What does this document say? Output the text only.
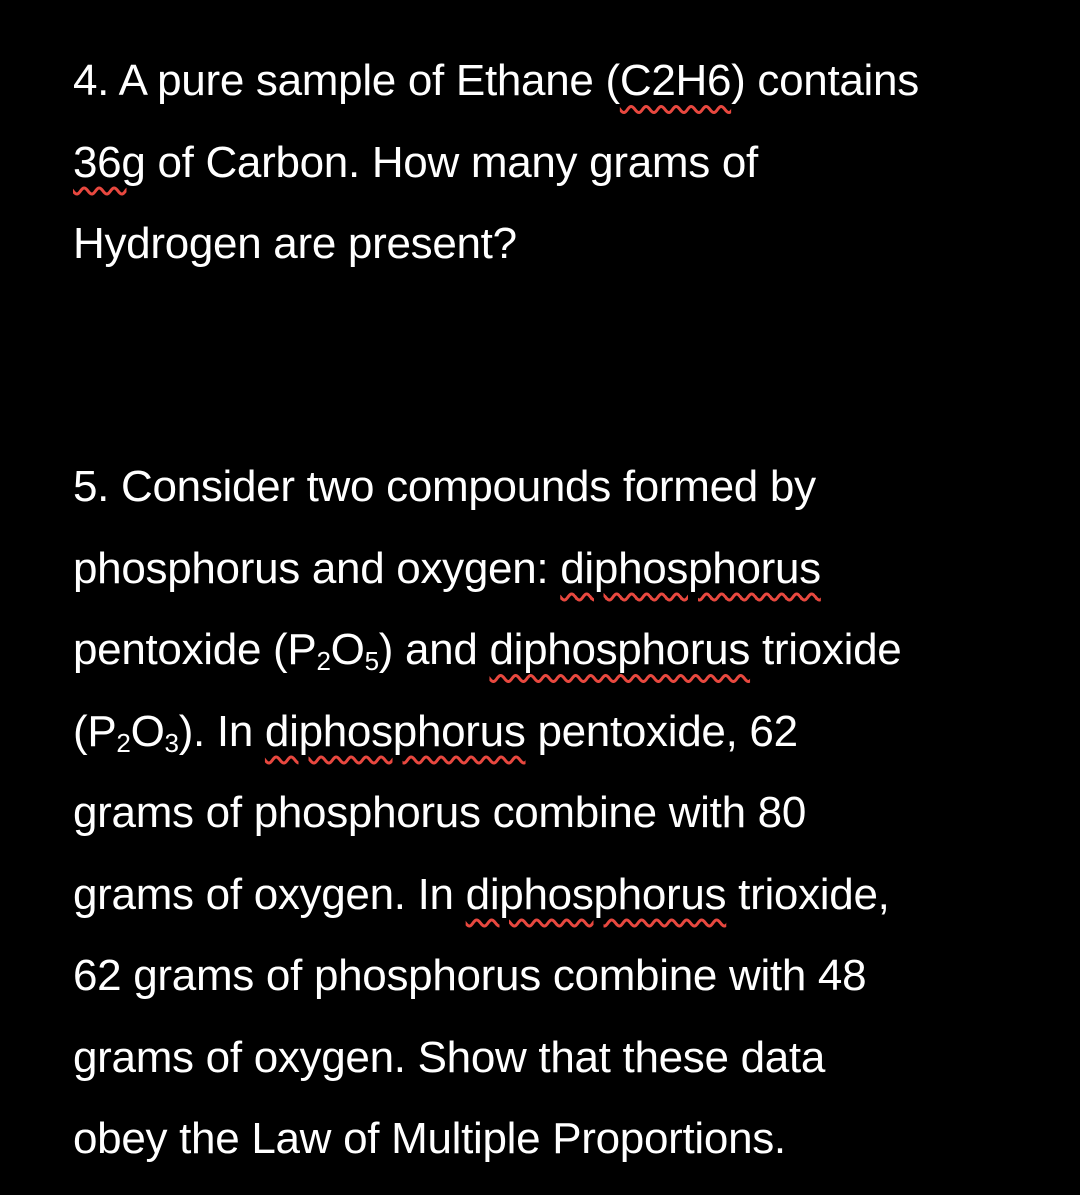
4. A pure sample of Ethane (C2H6) contains
36g of Carbon. How many grams of
Hydrogen are present?
5. Consider two compounds formed by
phosphorus and oxygen: diphosphorus
pentoxide $(P_2O_5)$ and diphosphorus trioxide
$(P_2O_3)$. In diphosphorus pentoxide, 62
grams of phosphorus combine with 80
grams of oxygen. In diphosphorus trioxide,
62 grams of phosphorus combine with 48
grams of oxygen. Show that these data
obey the Law of Multiple Proportions.
